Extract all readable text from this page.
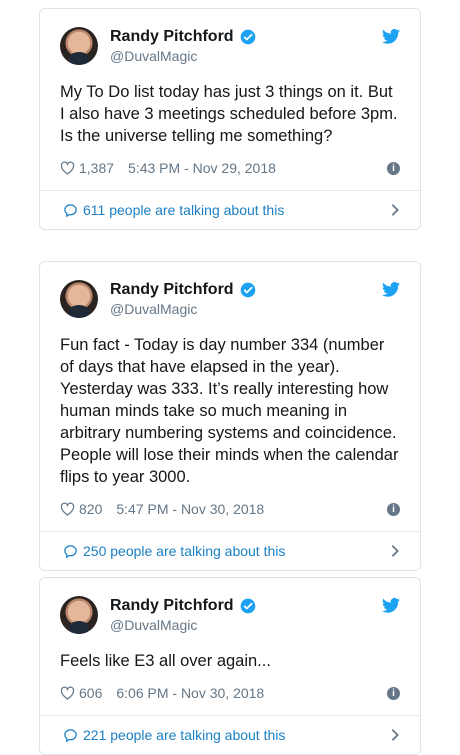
Randy Pitchford
@DuvalMagic
My To Do list today has just 3 things on it. But I also have 3 meetings scheduled before 3pm. Is the universe telling me something?
1,387 5:43 PM - Nov 29, 2018	i
611 people are talking about this
Randy Pitchford
@DuvalMagic
Fun fact - Today is day number 334 (number of days that have elapsed in the year). Yesterday was 333. It’s really interesting how human minds take so much meaning in arbitrary numbering systems and coincidence. People will lose their minds when the calendar flips to year 3000.
820 5:47 PM - Nov 30, 2018	i
250 people are talking about this
Randy Pitchford
@DuvalMagic
Feels like E3 all over again...
606 6:06 PM - Nov 30, 2018	i
221 people are talking about this
